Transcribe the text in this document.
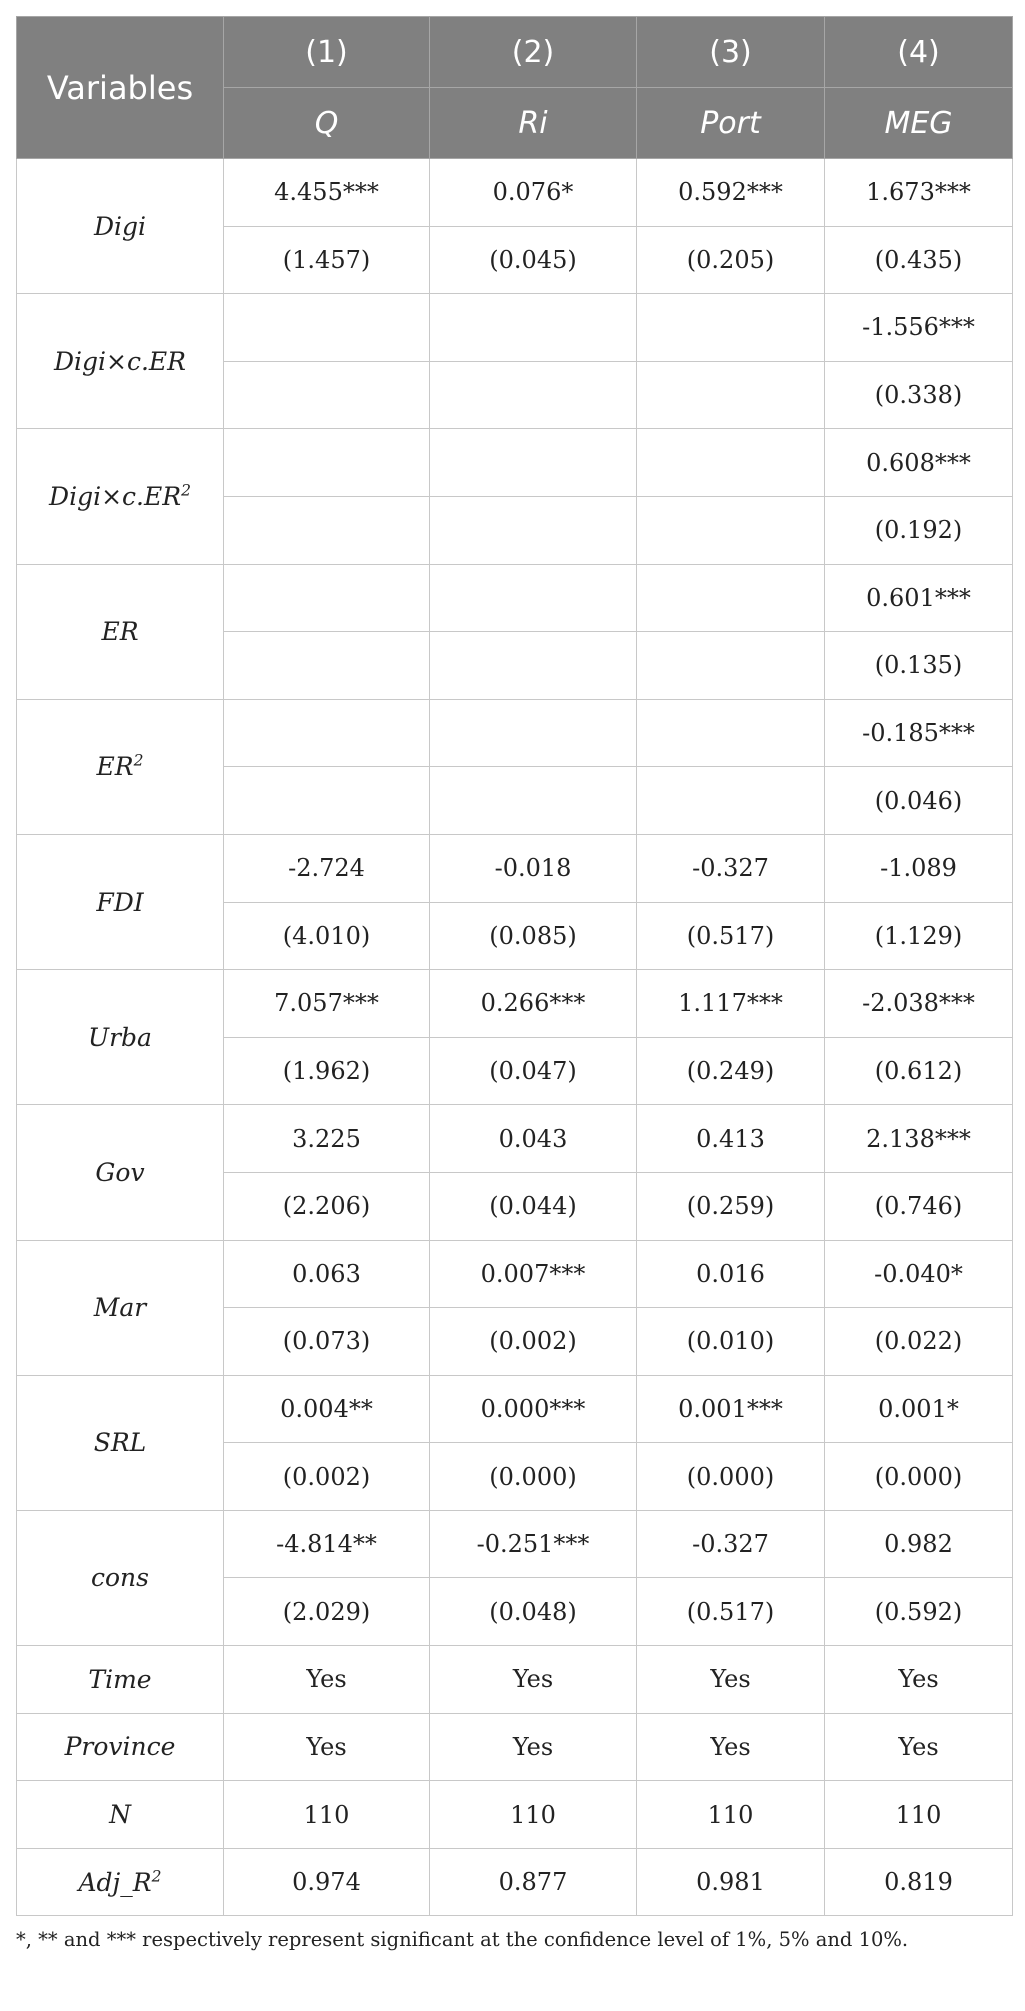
Variables	(1)	(2)	(3)	(4)
	Q	Ri	Port	MEG
Digi	4.455***	0.076*	0.592***	1.673***
	(1.457)	(0.045)	(0.205)	(0.435)
Digi×c.ER				-1.556***
				(0.338)
$Digi\times c.ER^2$				0.608***
				(0.192)
ER				0.601***
				(0.135)
$ER^2$				-0.185***
				(0.046)
FDI	-2.724	-0.018	-0.327	-1.089
	(4.010)	(0.085)	(0.517)	(1.129)
Urba	7.057***	0.266***	1.117***	-2.038***
	(1.962)	(0.047)	(0.249)	(0.612)
Gov	3.225	0.043	0.413	2.138***
	(2.206)	(0.044)	(0.259)	(0.746)
Mar	0.063	0.007***	0.016	-0.040*
	(0.073)	(0.002)	(0.010)	(0.022)
SRL	0.004**	0.000***	0.001***	0.001*
	(0.002)	(0.000)	(0.000)	(0.000)
cons	-4.814**	-0.251***	-0.327	0.982
	(2.029)	(0.048)	(0.517)	(0.592)
Time	Yes	Yes	Yes	Yes
Province	Yes	Yes	Yes	Yes
N	110	110	110	110
$Adj\_R^2$	0.974	0.877	0.981	0.819
*, ** and *** respectively represent significant at the confidence level of 1%, 5% and 10%.
